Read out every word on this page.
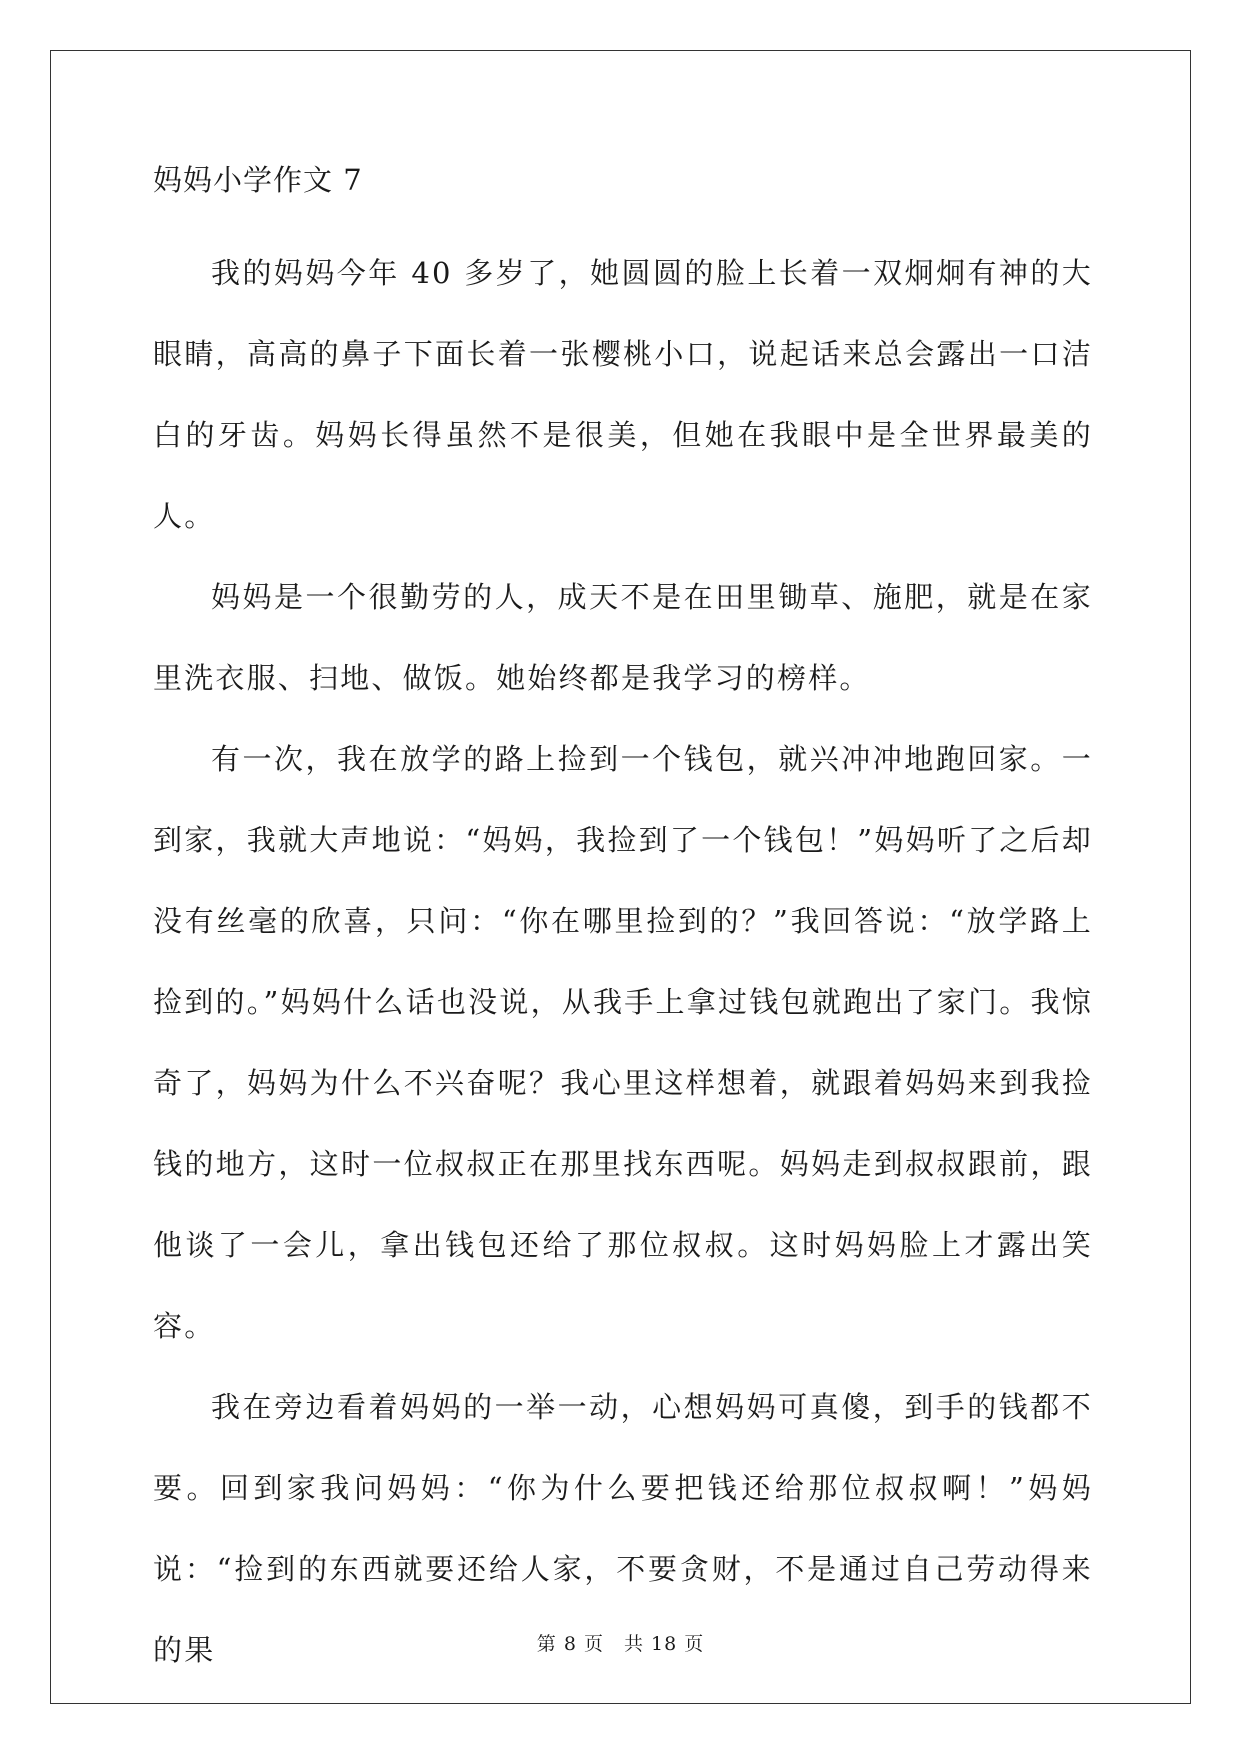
妈妈小学作文 7

我的妈妈今年 40 多岁了，她圆圆的脸上长着一双炯炯有神的大眼睛，高高的鼻子下面长着一张樱桃小口，说起话来总会露出一口洁白的牙齿。妈妈长得虽然不是很美，但她在我眼中是全世界最美的人。

妈妈是一个很勤劳的人，成天不是在田里锄草、施肥，就是在家里洗衣服、扫地、做饭。她始终都是我学习的榜样。

有一次，我在放学的路上捡到一个钱包，就兴冲冲地跑回家。一到家，我就大声地说：“妈妈，我捡到了一个钱包！”妈妈听了之后却没有丝毫的欣喜，只问：“你在哪里捡到的？”我回答说：“放学路上捡到的。”妈妈什么话也没说，从我手上拿过钱包就跑出了家门。我惊奇了，妈妈为什么不兴奋呢？我心里这样想着，就跟着妈妈来到我捡钱的地方，这时一位叔叔正在那里找东西呢。妈妈走到叔叔跟前，跟他谈了一会儿，拿出钱包还给了那位叔叔。这时妈妈脸上才露出笑容。

我在旁边看着妈妈的一举一动，心想妈妈可真傻，到手的钱都不要。回到家我问妈妈：“你为什么要把钱还给那位叔叔啊！”妈妈说：“捡到的东西就要还给人家，不要贪财，不是通过自己劳动得来的果	第 8 页　共 18 页
